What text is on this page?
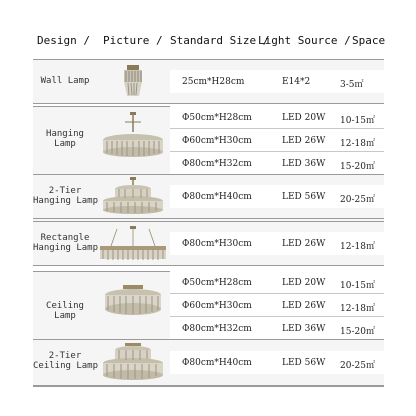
Design / Picture / Standard Size /
Light Source / Space
Wall Lamp	25cm*H28cm	E14*2	3-5㎡
Hanging Lamp
Φ50cm*H28cm	LED 20W	10-15㎡
Φ60cm*H30cm	LED 26W	12-18㎡
Φ80cm*H32cm	LED 36W	15-20㎡
2-Tier
Hanging Lamp	Φ80cm*H40cm	LED 56W	20-25㎡
Rectangle
Hanging Lamp	Φ80cm*H30cm	LED 26W	12-18㎡
Ceiling Lamp
Φ50cm*H28cm	LED 20W	10-15㎡
Φ60cm*H30cm	LED 26W	12-18㎡
Φ80cm*H32cm	LED 36W	15-20㎡
2-Tier
Ceiling Lamp	Φ80cm*H40cm	LED 56W	20-25㎡
